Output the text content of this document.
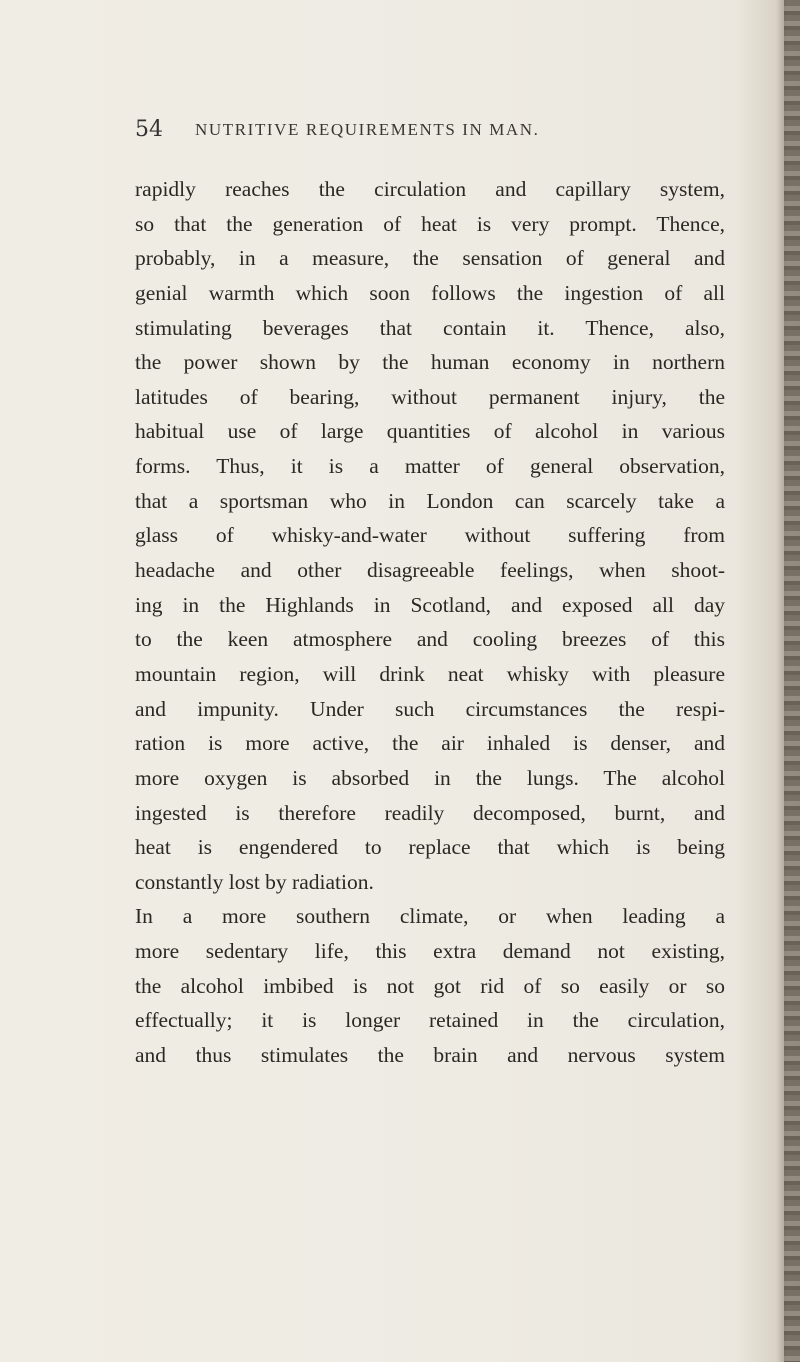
54 NUTRITIVE REQUIREMENTS IN MAN.
rapidly reaches the circulation and capillary system,
so that the generation of heat is very prompt. Thence,
probably, in a measure, the sensation of general and
genial warmth which soon follows the ingestion of all
stimulating beverages that contain it. Thence, also,
the power shown by the human economy in northern
latitudes of bearing, without permanent injury, the
habitual use of large quantities of alcohol in various
forms. Thus, it is a matter of general observation,
that a sportsman who in London can scarcely take a
glass of whisky-and-water without suffering from
headache and other disagreeable feelings, when shoot-
ing in the Highlands in Scotland, and exposed all day
to the keen atmosphere and cooling breezes of this
mountain region, will drink neat whisky with pleasure
and impunity. Under such circumstances the respi-
ration is more active, the air inhaled is denser, and
more oxygen is absorbed in the lungs. The alcohol
ingested is therefore readily decomposed, burnt, and
heat is engendered to replace that which is being
constantly lost by radiation.
In a more southern climate, or when leading a
more sedentary life, this extra demand not existing,
the alcohol imbibed is not got rid of so easily or so
effectually; it is longer retained in the circulation,
and thus stimulates the brain and nervous system
